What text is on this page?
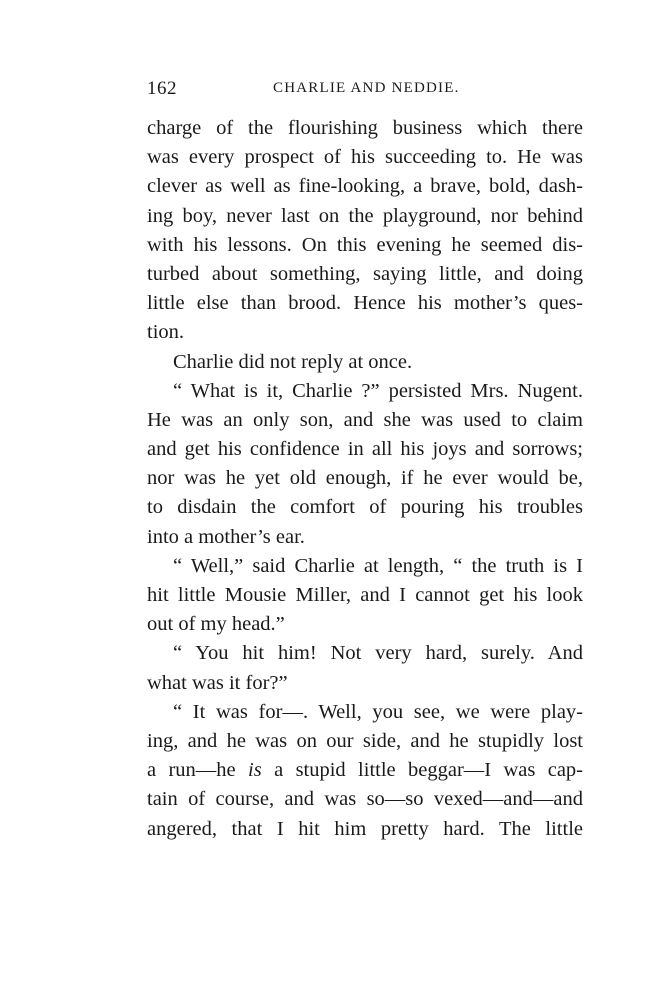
162	CHARLIE AND NEDDIE.
charge of the flourishing business which there
was every prospect of his succeeding to. He was
clever as well as fine-looking, a brave, bold, dash-
ing boy, never last on the playground, nor behind
with his lessons. On this evening he seemed dis-
turbed about something, saying little, and doing
little else than brood. Hence his mother’s ques-
tion.
Charlie did not reply at once.
“ What is it, Charlie ?” persisted Mrs. Nugent.
He was an only son, and she was used to claim
and get his confidence in all his joys and sorrows;
nor was he yet old enough, if he ever would be,
to disdain the comfort of pouring his troubles
into a mother’s ear.
“ Well,” said Charlie at length, “ the truth is I
hit little Mousie Miller, and I cannot get his look
out of my head.”
“ You hit him! Not very hard, surely. And
what was it for?”
“ It was for—. Well, you see, we were play-
ing, and he was on our side, and he stupidly lost
a run—he is a stupid little beggar—I was cap-
tain of course, and was so—so vexed—and—and
angered, that I hit him pretty hard. The little
